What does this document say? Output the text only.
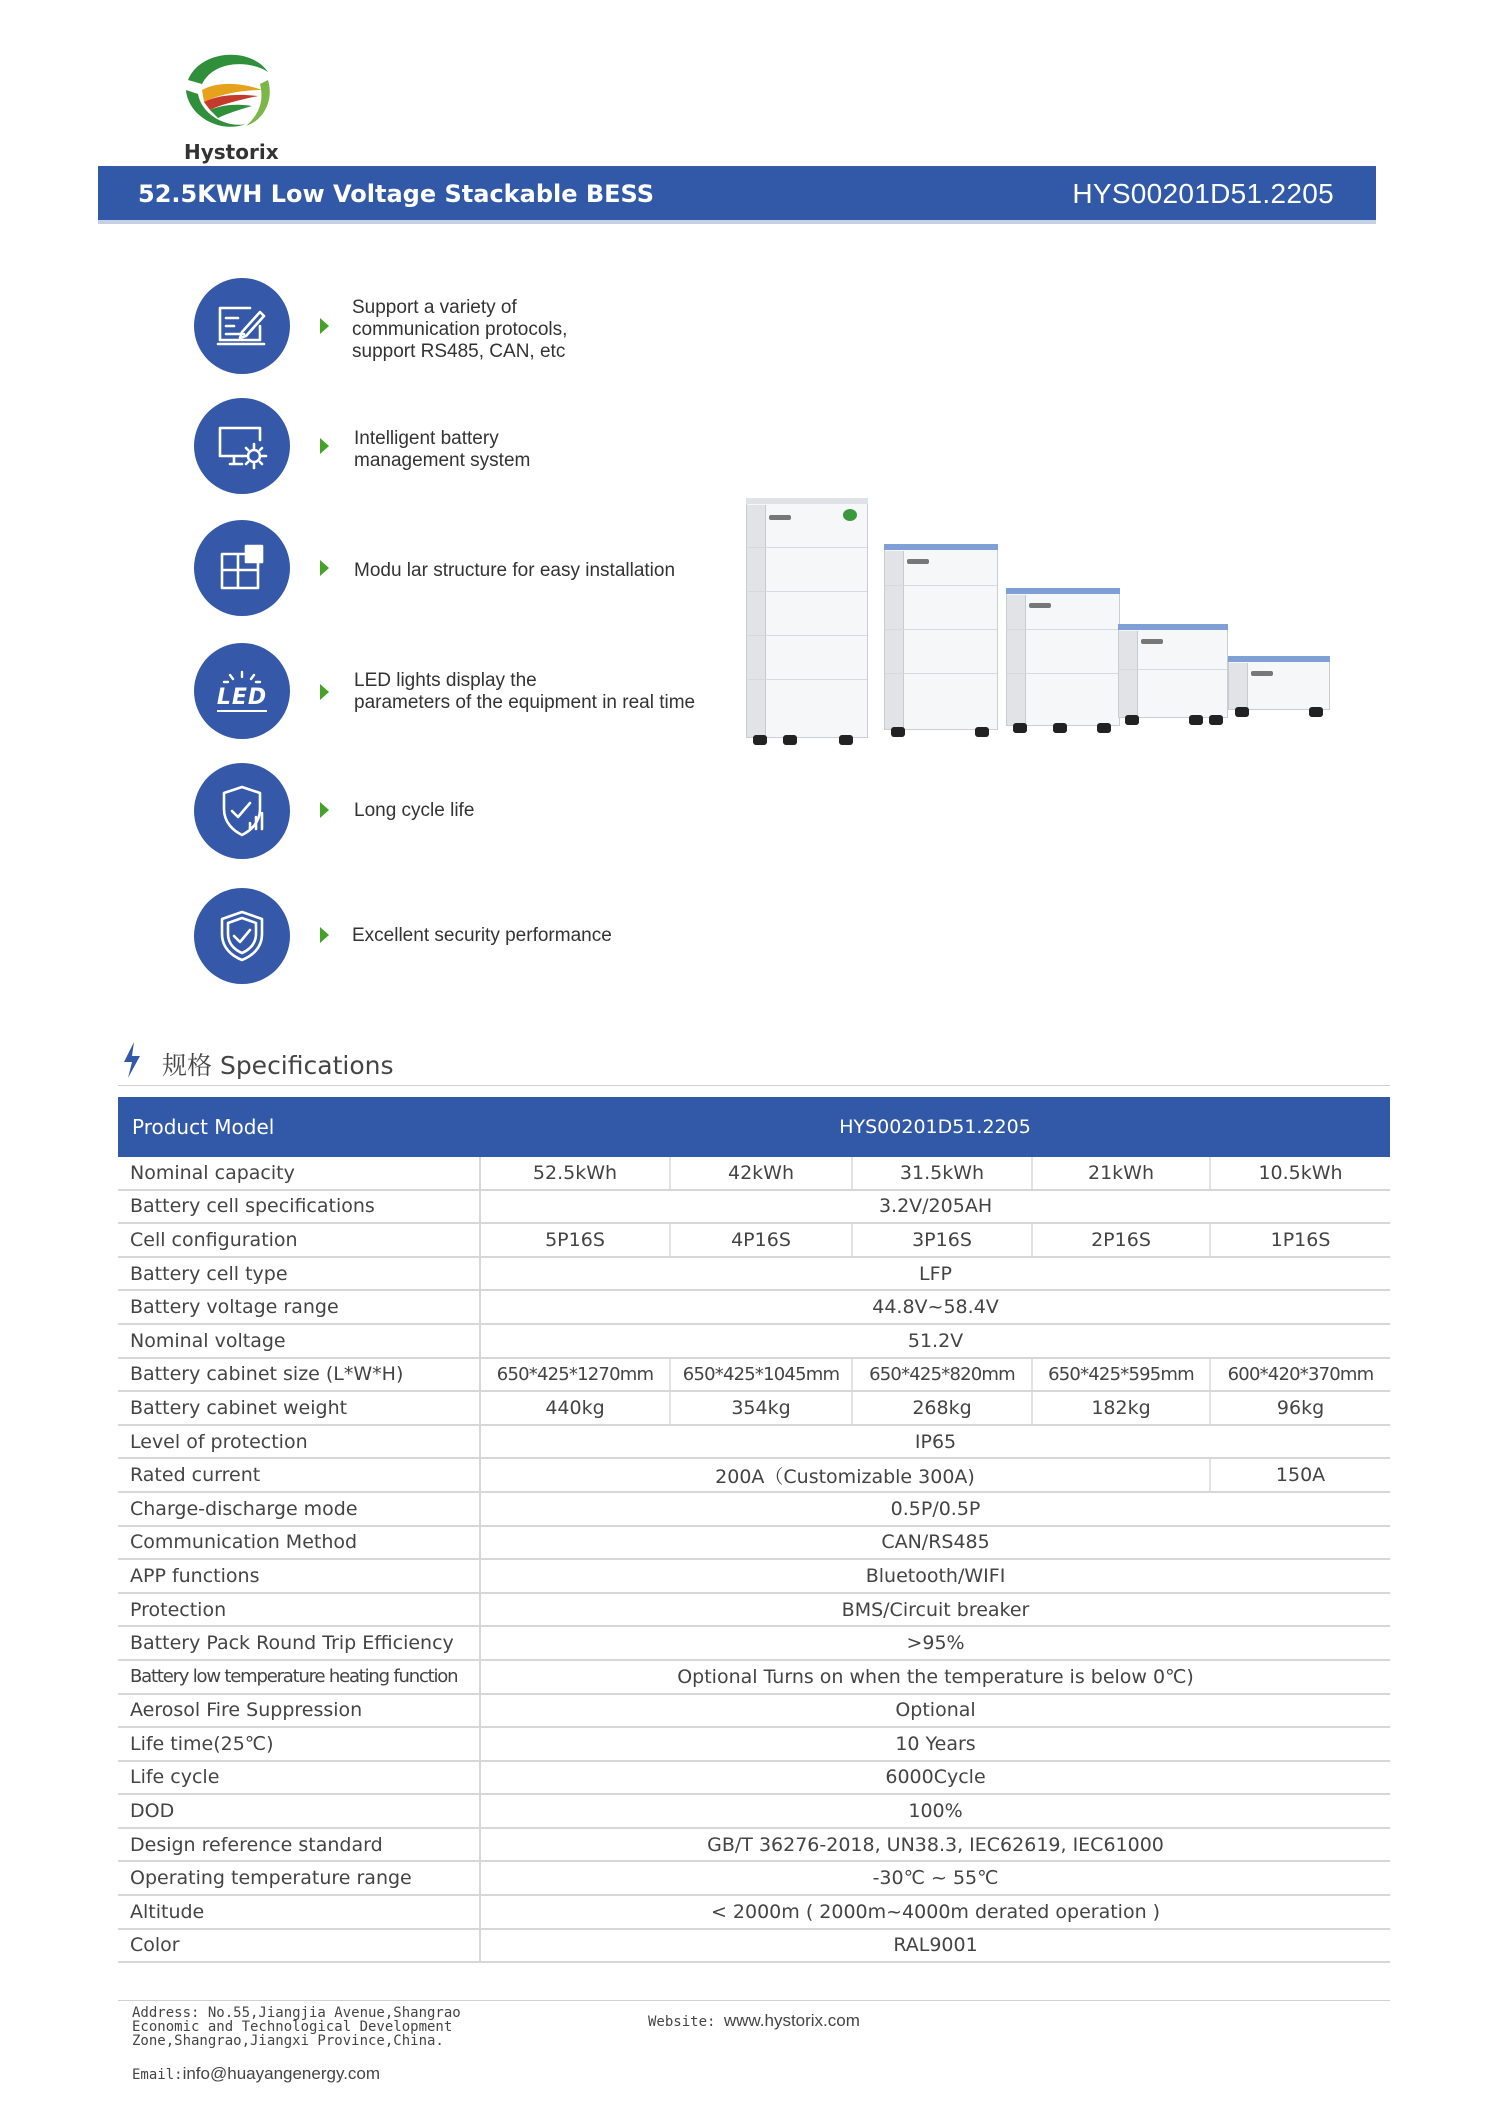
Hystorix
52.5KWH Low Voltage Stackable BESS	HYS00201D51.2205
Support a variety of
communication protocols,
support RS485, CAN, etc
Intelligent battery
management system
Modu lar structure for easy installation
LED
LED lights display the
parameters of the equipment in real time
Long cycle life
Excellent security performance
规格 Specifications
Product Model	HYS00201D51.2205				
Nominal capacity	52.5kWh	42kWh	31.5kWh	21kWh	10.5kWh
Battery cell specifications	3.2V/205AH				
Cell configuration	5P16S	4P16S	3P16S	2P16S	1P16S
Battery cell type	LFP				
Battery voltage range	44.8V~58.4V				
Nominal voltage	51.2V				
Battery cabinet size (L*W*H)	650*425*1270mm	650*425*1045mm	650*425*820mm	650*425*595mm	600*420*370mm
Battery cabinet weight	440kg	354kg	268kg	182kg	96kg
Level of protection	IP65				
Rated current	200A（Customizable 300A)				150A
Charge-discharge mode	0.5P/0.5P				
Communication Method	CAN/RS485				
APP functions	Bluetooth/WIFI				
Protection	BMS/Circuit breaker				
Battery Pack Round Trip Efficiency	>95%				
Battery low temperature heating function	Optional Turns on when the temperature is below 0℃)				
Aerosol Fire Suppression	Optional				
Life time(25℃)	10 Years				
Life cycle	6000Cycle				
DOD	100%				
Design reference standard	GB/T 36276-2018, UN38.3, IEC62619, IEC61000				
Operating temperature range	-30℃ ~ 55℃				
Altitude	< 2000m ( 2000m~4000m derated operation )				
Color	RAL9001				
Address: No.55,Jiangjia Avenue,Shangrao
Economic and Technological Development
Zone,Shangrao,Jiangxi Province,China.
Email:info@huayangenergy.com
Website: www.hystorix.com
